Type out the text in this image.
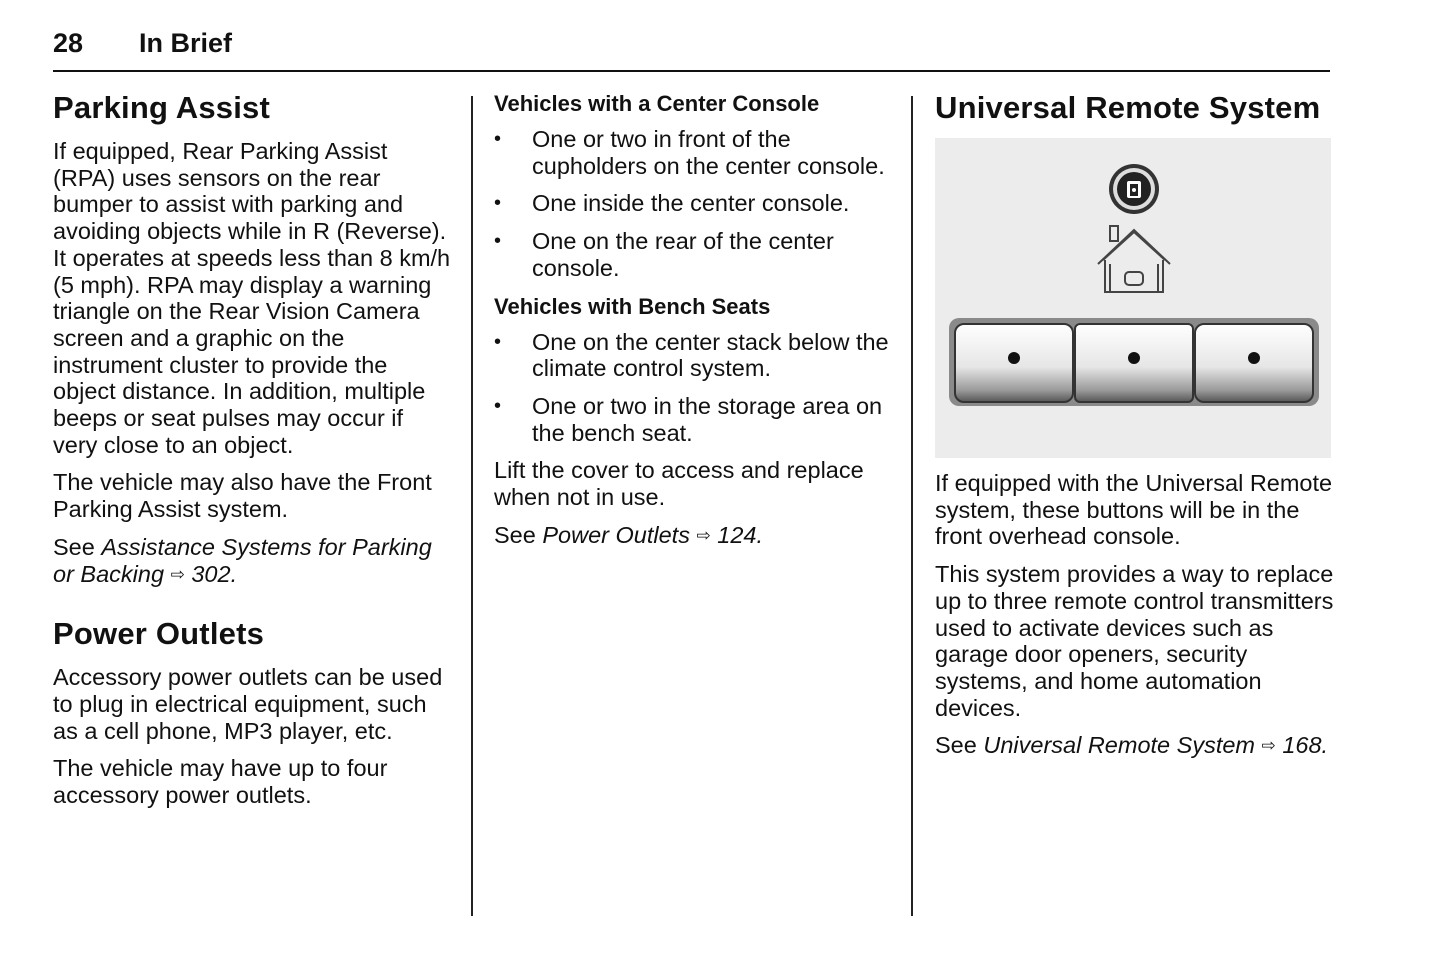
28 In Brief
Parking Assist

If equipped, Rear Parking Assist (RPA) uses sensors on the rear bumper to assist with parking and avoiding objects while in R (Reverse). It operates at speeds less than 8 km/h (5 mph). RPA may display a warning triangle on the Rear Vision Camera screen and a graphic on the instrument cluster to provide the object distance. In addition, multiple beeps or seat pulses may occur if very close to an object.

The vehicle may also have the Front Parking Assist system.

See Assistance Systems for Parking or Backing ⇨ 302.

Power Outlets

Accessory power outlets can be used to plug in electrical equipment, such as a cell phone, MP3 player, etc.

The vehicle may have up to four accessory power outlets.

Vehicles with a Center Console
• One or two in front of the cupholders on the center console.
• One inside the center console.
• One on the rear of the center console.
Vehicles with Bench Seats
• One on the center stack below the climate control system.
• One or two in the storage area on the bench seat.

Lift the cover to access and replace when not in use.

See Power Outlets ⇨ 124.

Universal Remote System

If equipped with the Universal Remote system, these buttons will be in the front overhead console.

This system provides a way to replace up to three remote control transmitters used to activate devices such as garage door openers, security systems, and home automation devices.

See Universal Remote System ⇨ 168.
